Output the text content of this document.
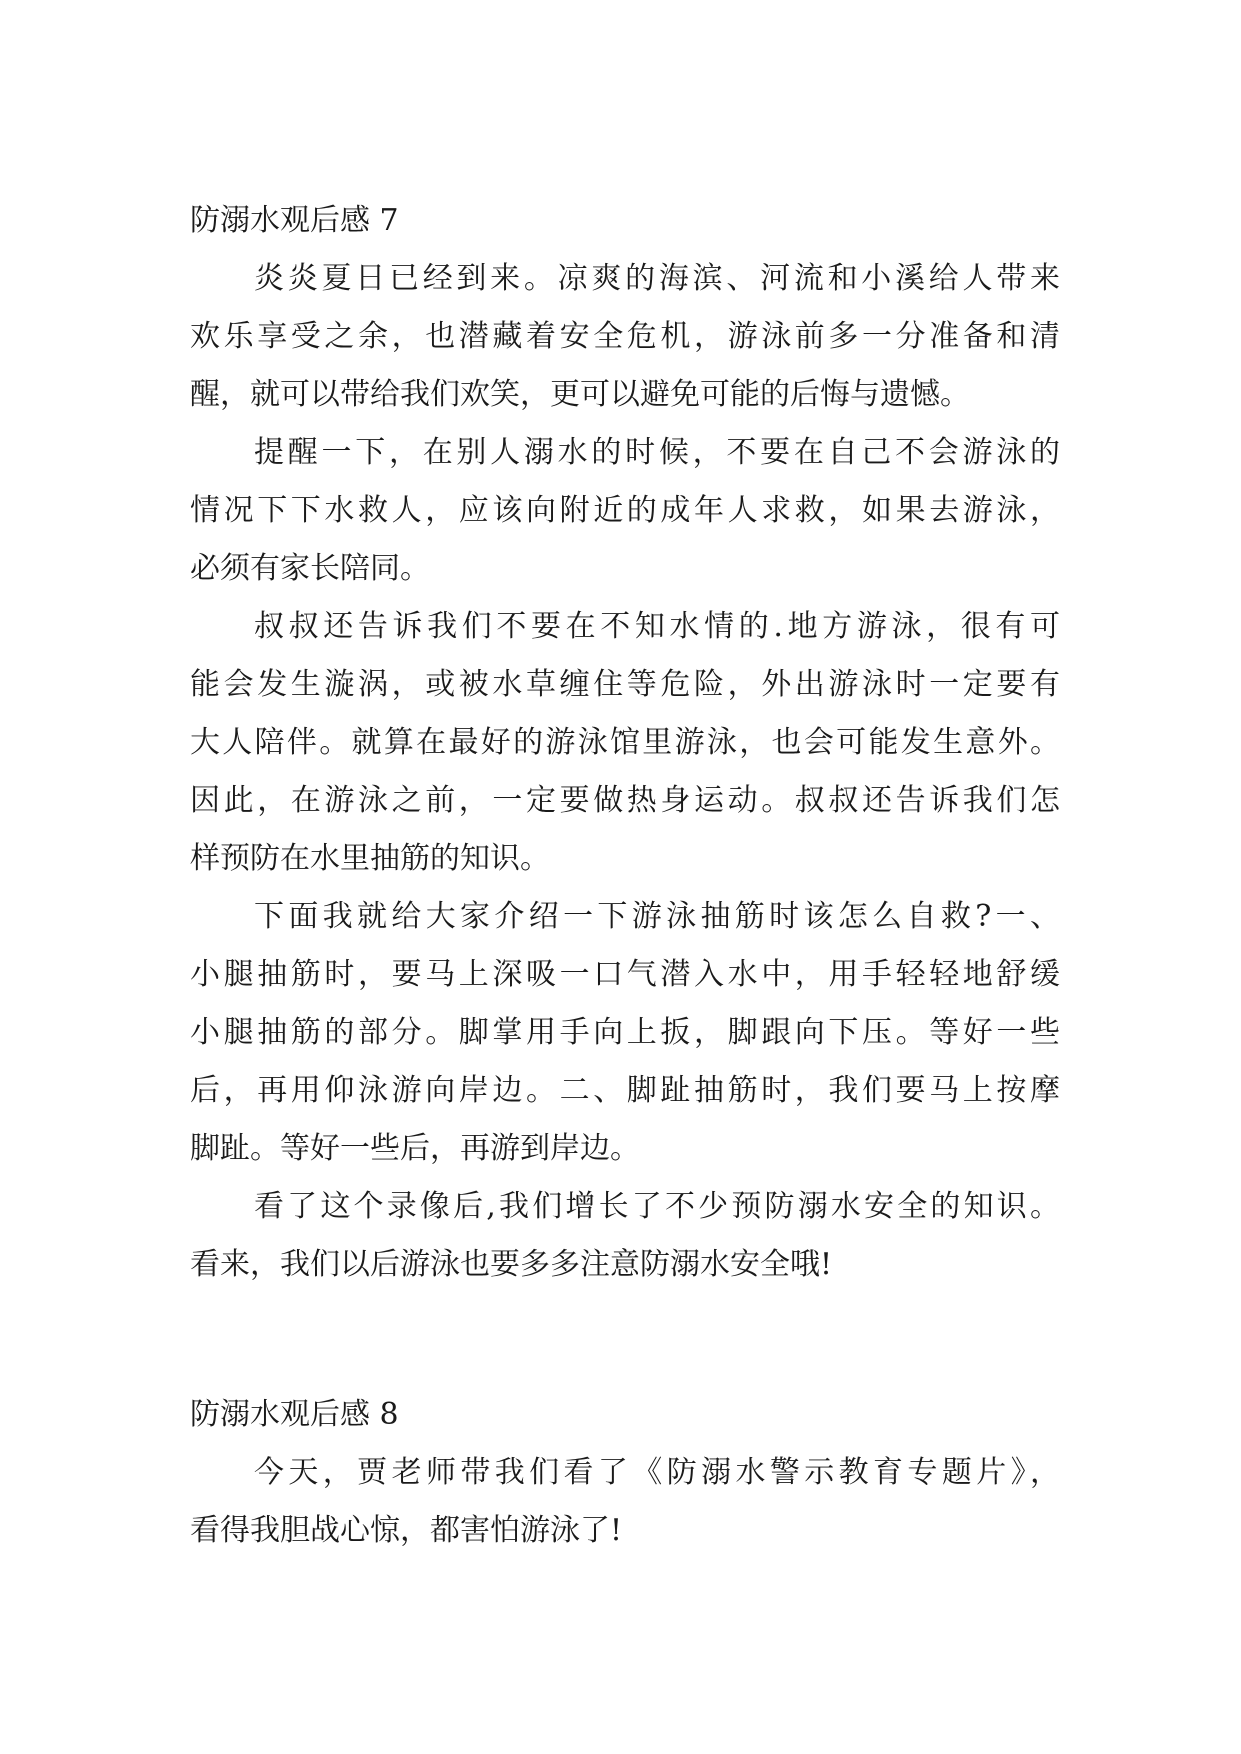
防溺水观后感 7

炎炎夏日已经到来。凉爽的海滨、河流和小溪给人带来
欢乐享受之余，也潜藏着安全危机，游泳前多一分准备和清
醒，就可以带给我们欢笑，更可以避免可能的后悔与遗憾。

提醒一下，在别人溺水的时候，不要在自己不会游泳的
情况下下水救人，应该向附近的成年人求救，如果去游泳，
必须有家长陪同。

叔叔还告诉我们不要在不知水情的.地方游泳，很有可
能会发生漩涡，或被水草缠住等危险，外出游泳时一定要有
大人陪伴。就算在最好的游泳馆里游泳，也会可能发生意外。
因此，在游泳之前，一定要做热身运动。叔叔还告诉我们怎
样预防在水里抽筋的知识。

下面我就给大家介绍一下游泳抽筋时该怎么自救?一、
小腿抽筋时，要马上深吸一口气潜入水中，用手轻轻地舒缓
小腿抽筋的部分。脚掌用手向上扳，脚跟向下压。等好一些
后，再用仰泳游向岸边。二、脚趾抽筋时，我们要马上按摩
脚趾。等好一些后，再游到岸边。

看了这个录像后,我们增长了不少预防溺水安全的知识。
看来，我们以后游泳也要多多注意防溺水安全哦!

防溺水观后感 8

今天，贾老师带我们看了《防溺水警示教育专题片》，
看得我胆战心惊，都害怕游泳了!
